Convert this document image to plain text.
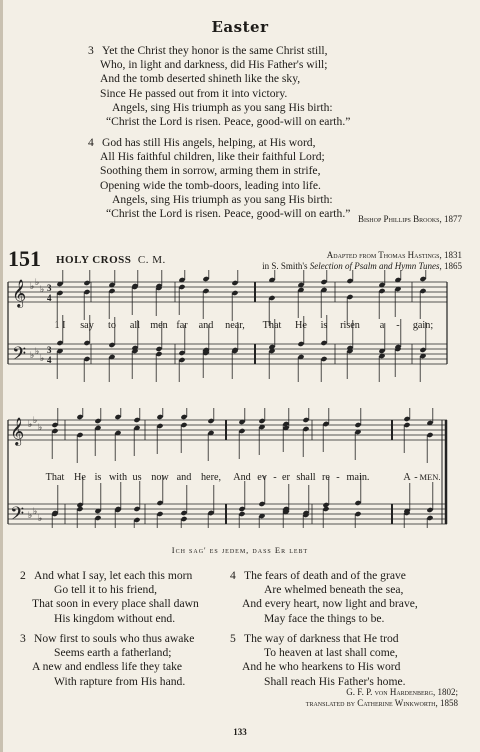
Easter
3 Yet the Christ they honor is the same Christ still,
Who, in light and darkness, did His Father's will;
And the tomb deserted shineth like the sky,
Since He passed out from it into victory.
Angels, sing His triumph as you sang His birth:
“Christ the Lord is risen. Peace, good-will on earth.”
4 God has still His angels, helping, at His word,
All His faithful children, like their faithful Lord;
Soothing them in sorrow, arming them in strife,
Opening wide the tomb-doors, leading into life.
Angels, sing His triumph as you sang His birth:
“Christ the Lord is risen. Peace, good-will on earth.” Bishop Phillips Brooks, 1877
151 HOLY CROSS C. M.	Adapted from Thomas Hastings, 1831
in S. Smith's Selection of Psalm and Hymn Tunes, 1865
𝄞
𝄢
♭ ♭
♭
♭ ♭
♭
3
4
3
4
1 I say to all men far and near, That He is risen a - gain;
𝄞
𝄢
♭ ♭
♭
♭ ♭
♭
That He is with us now and here, And ev - er shall re - main.	A - MEN.
Ich sag' es jedem, dass Er lebt
2 And what I say, let each this morn
Go tell it to his friend,
That soon in every place shall dawn
His kingdom without end.
3 Now first to souls who thus awake
Seems earth a fatherland;
A new and endless life they take
With rapture from His hand.
4 The fears of death and of the grave
Are whelmed beneath the sea,
And every heart, now light and brave,
May face the things to be.
5 The way of darkness that He trod
To heaven at last shall come,
And he who hearkens to His word
Shall reach His Father's home.
G. F. P. von Hardenberg, 1802;
translated by Catherine Winkworth, 1858
133
